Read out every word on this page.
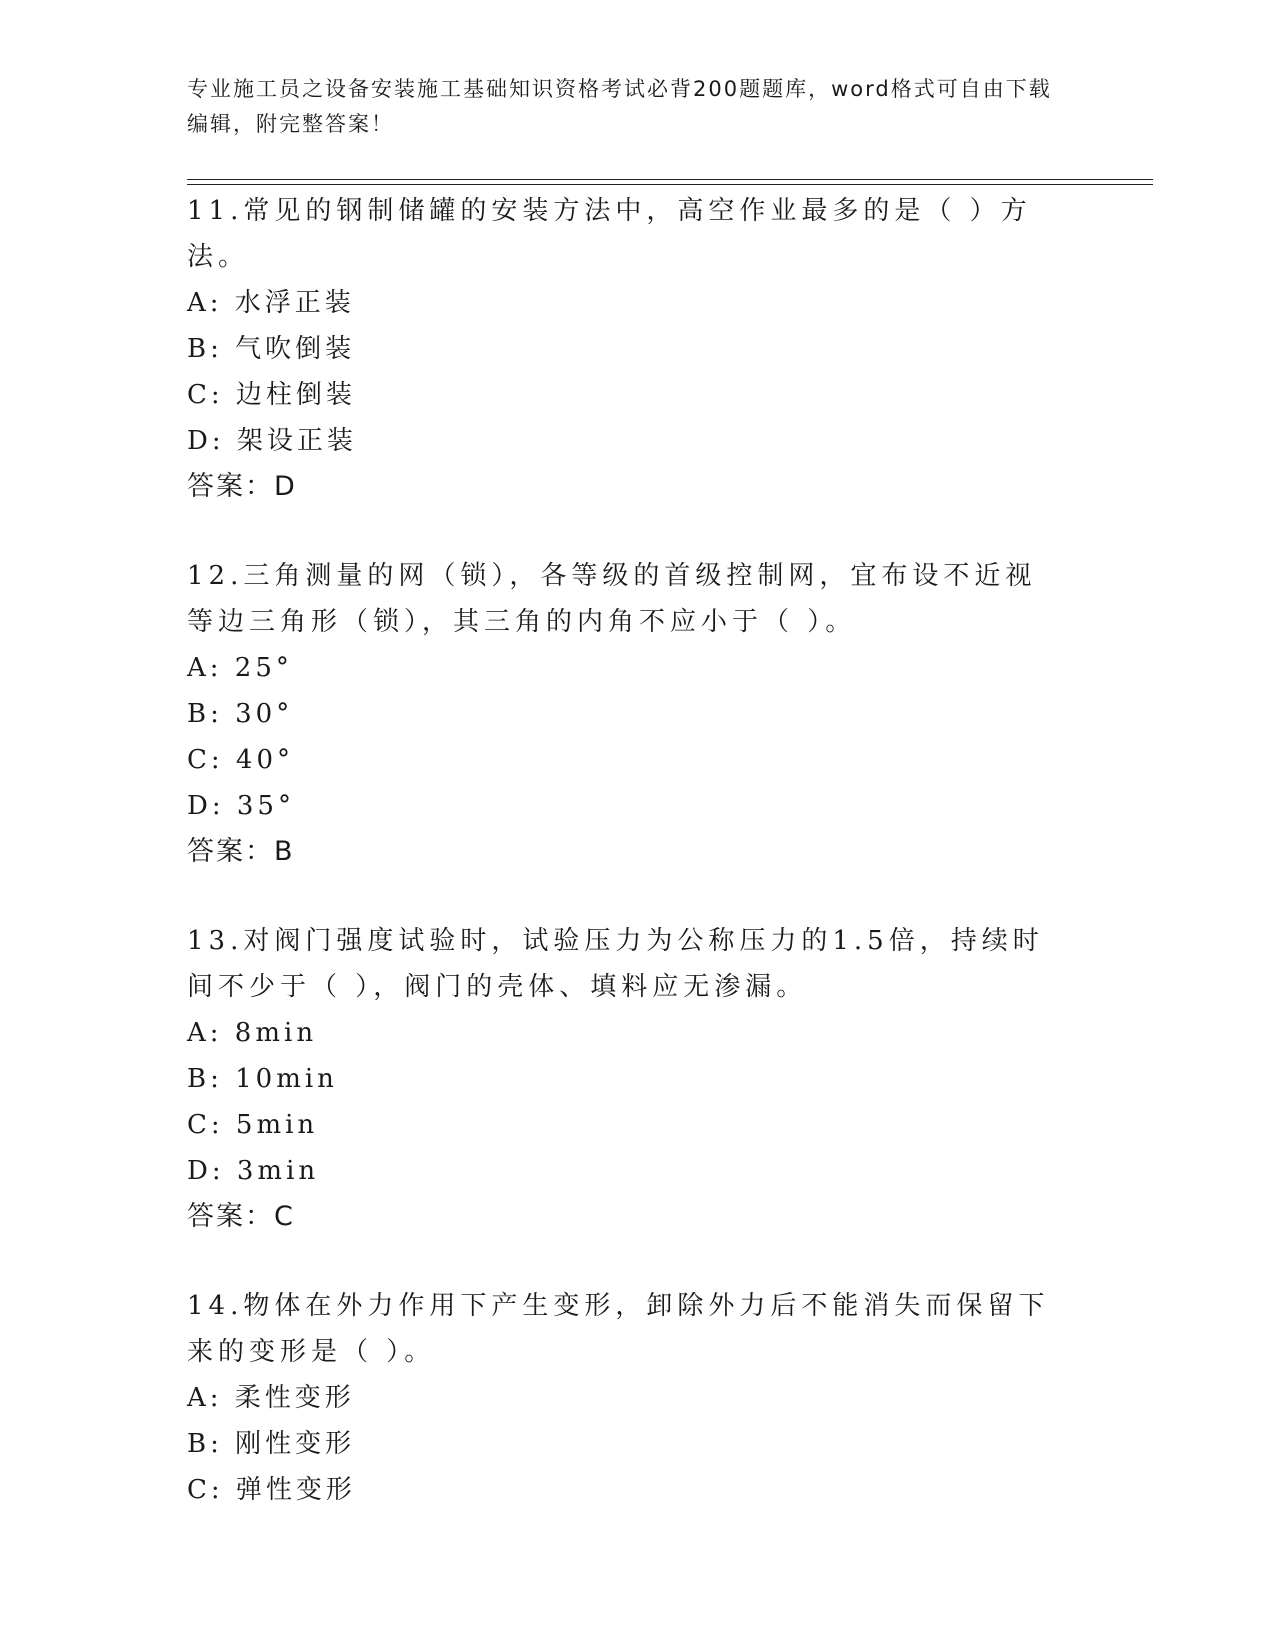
专业施工员之设备安装施工基础知识资格考试必背200题题库，word格式可自由下载编辑，附完整答案！

11.常见的钢制储罐的安装方法中，高空作业最多的是（ ）方法。

A: 水浮正装

B: 气吹倒装

C: 边柱倒装

D: 架设正装

答案：D

12.三角测量的网（锁），各等级的首级控制网，宜布设不近视等边三角形（锁），其三角的内角不应小于（ ）。

A: 25°

B: 30°

C: 40°

D: 35°

答案：B

13.对阀门强度试验时，试验压力为公称压力的1.5倍，持续时间不少于（ ），阀门的壳体、填料应无渗漏。

A: 8min

B: 10min

C: 5min

D: 3min

答案：C

14.物体在外力作用下产生变形，卸除外力后不能消失而保留下来的变形是（ ）。

A: 柔性变形

B: 刚性变形

C: 弹性变形
